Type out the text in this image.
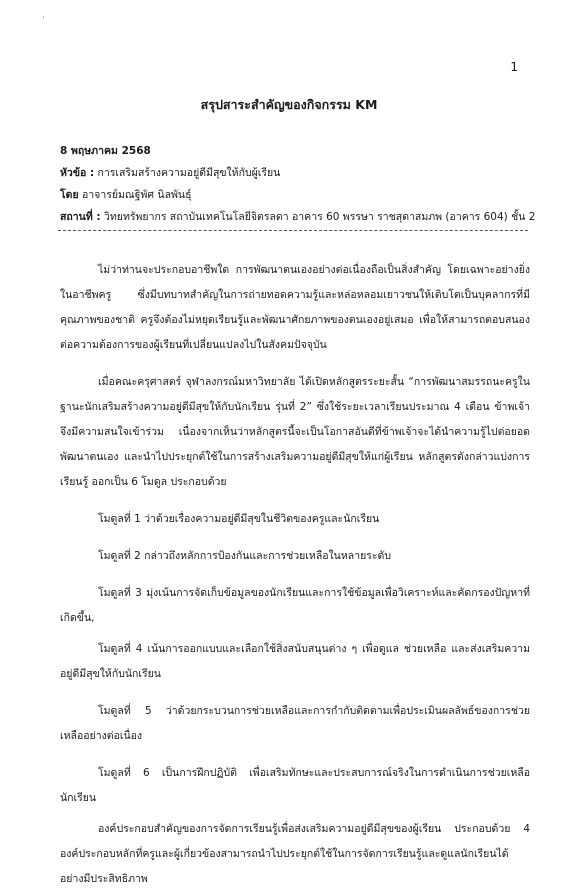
ʼ
1
สรุปสาระสำคัญของกิจกรรม KM
8 พฤษภาคม 2568
หัวข้อ : การเสริมสร้างความอยู่ดีมีสุขให้กับผู้เรียน
โดย อาจารย์มณฐิพัศ นิลพันธุ์
สถานที่ : วิทยทรัพยากร สถาบันเทคโนโลยีจิตรลดา อาคาร 60 พรรษา ราชสุดาสมภพ (อาคาร 604) ชั้น 2

ไม่ว่าท่านจะประกอบอาชีพใด การพัฒนาตนเองอย่างต่อเนื่องถือเป็นสิ่งสำคัญ โดยเฉพาะอย่างยิ่งในอาชีพครู ซึ่งมีบทบาทสำคัญในการถ่ายทอดความรู้และหล่อหลอมเยาวชนให้เติบโตเป็นบุคลากรที่มีคุณภาพของชาติ ครูจึงต้องไม่หยุดเรียนรู้และพัฒนาศักยภาพของตนเองอยู่เสมอ เพื่อให้สามารถตอบสนองต่อความต้องการของผู้เรียนที่เปลี่ยนแปลงไปในสังคมปัจจุบัน

เมื่อคณะครุศาสตร์ จุฬาลงกรณ์มหาวิทยาลัย ได้เปิดหลักสูตรระยะสั้น “การพัฒนาสมรรถนะครูในฐานะนักเสริมสร้างความอยู่ดีมีสุขให้กับนักเรียน รุ่นที่ 2” ซึ่งใช้ระยะเวลาเรียนประมาณ 4 เดือน ข้าพเจ้าจึงมีความสนใจเข้าร่วม เนื่องจากเห็นว่าหลักสูตรนี้จะเป็นโอกาสอันดีที่ข้าพเจ้าจะได้นำความรู้ไปต่อยอดพัฒนาตนเอง และนำไปประยุกต์ใช้ในการสร้างเสริมความอยู่ดีมีสุขให้แก่ผู้เรียน หลักสูตรดังกล่าวแบ่งการเรียนรู้ ออกเป็น 6 โมดูล ประกอบด้วย

โมดูลที่ 1 ว่าด้วยเรื่องความอยู่ดีมีสุขในชีวิตของครูและนักเรียน

โมดูลที่ 2 กล่าวถึงหลักการป้องกันและการช่วยเหลือในหลายระดับ

โมดูลที่ 3 มุ่งเน้นการจัดเก็บข้อมูลของนักเรียนและการใช้ข้อมูลเพื่อวิเคราะห์และคัดกรองปัญหาที่เกิดขึ้น,

โมดูลที่ 4 เน้นการออกแบบและเลือกใช้สิ่งสนับสนุนต่าง ๆ เพื่อดูแล ช่วยเหลือ และส่งเสริมความอยู่ดีมีสุขให้กับนักเรียน

โมดูลที่ 5 ว่าด้วยกระบวนการช่วยเหลือและการกำกับติดตามเพื่อประเมินผลลัพธ์ของการช่วยเหลืออย่างต่อเนื่อง

โมดูลที่ 6 เป็นการฝึกปฏิบัติ เพื่อเสริมทักษะและประสบการณ์จริงในการดำเนินการช่วยเหลือนักเรียน

องค์ประกอบสำคัญของการจัดการเรียนรู้เพื่อส่งเสริมความอยู่ดีมีสุขของผู้เรียน ประกอบด้วย 4 องค์ประกอบหลักที่ครูและผู้เกี่ยวข้องสามารถนำไปประยุกต์ใช้ในการจัดการเรียนรู้และดูแลนักเรียนได้อย่างมีประสิทธิภาพ
